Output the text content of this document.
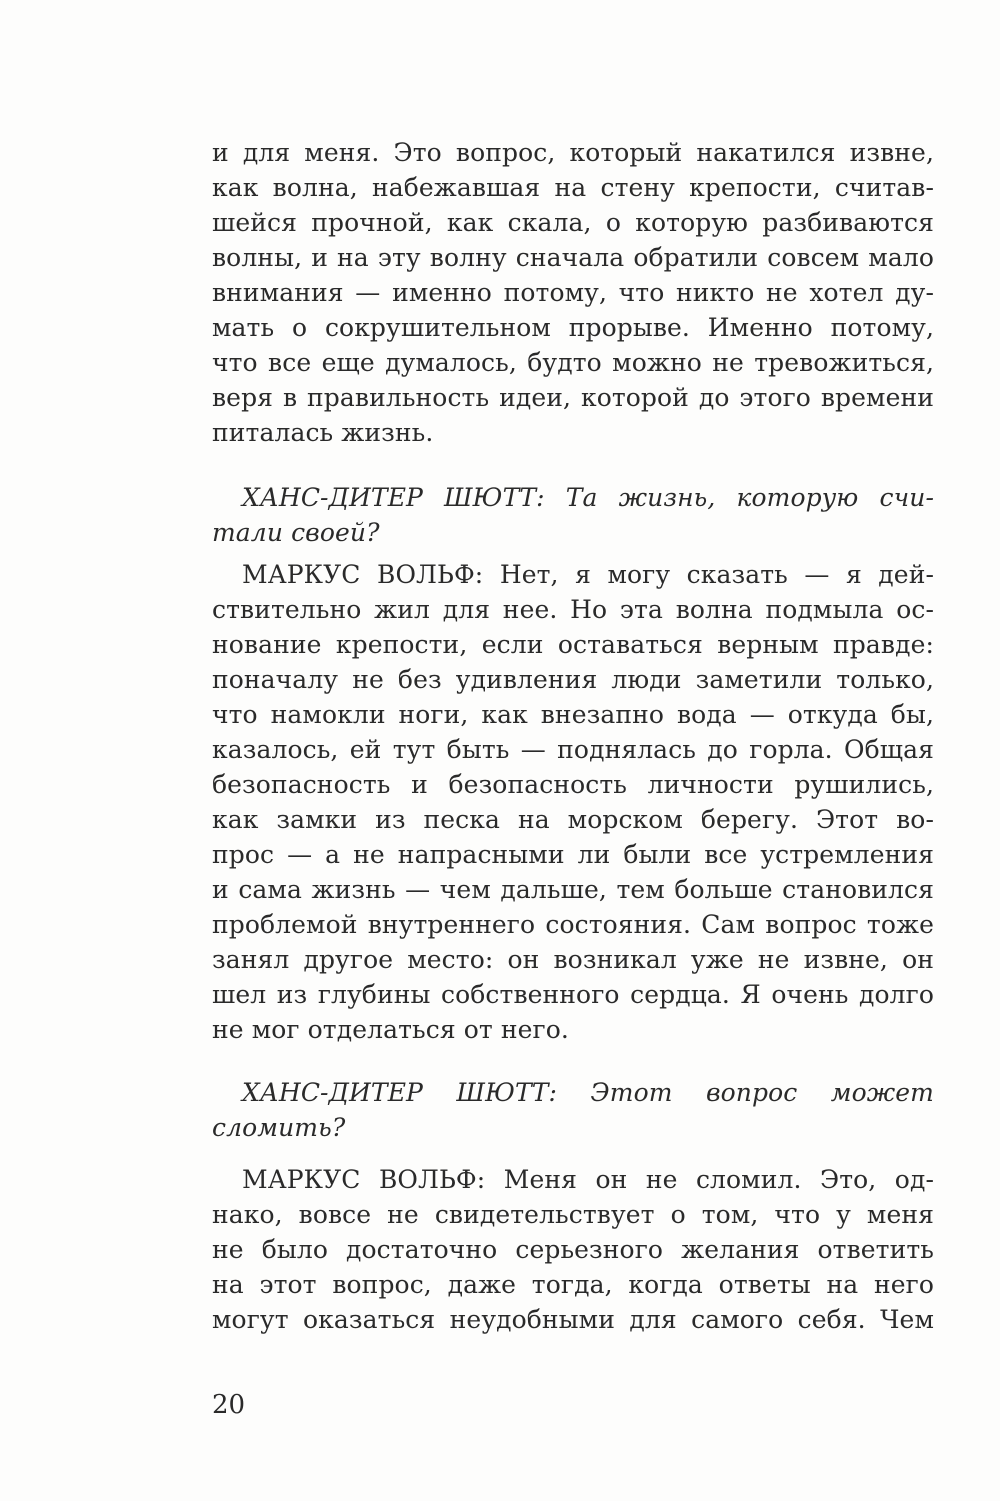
и для меня. Это вопрос, который накатился извне,
как волна, набежавшая на стену крепости, считав-
шейся прочной, как скала, о которую разбиваются
волны, и на эту волну сначала обратили совсем мало
внимания — именно потому, что никто не хотел ду-
мать о сокрушительном прорыве. Именно потому,
что все еще думалось, будто можно не тревожиться,
веря в правильность идеи, которой до этого времени
питалась жизнь.
ХАНС-ДИТЕР ШЮТТ: Та жизнь, которую счи-
тали своей?
МАРКУС ВОЛЬФ: Нет, я могу сказать — я дей-
ствительно жил для нее. Но эта волна подмыла ос-
нование крепости, если оставаться верным правде:
поначалу не без удивления люди заметили только,
что намокли ноги, как внезапно вода — откуда бы,
казалось, ей тут быть — поднялась до горла. Общая
безопасность и безопасность личности рушились,
как замки из песка на морском берегу. Этот во-
прос — а не напрасными ли были все устремления
и сама жизнь — чем дальше, тем больше становился
проблемой внутреннего состояния. Сам вопрос тоже
занял другое место: он возникал уже не извне, он
шел из глубины собственного сердца. Я очень долго
не мог отделаться от него.
ХАНС-ДИТЕР ШЮТТ: Этот вопрос может
сломить?
МАРКУС ВОЛЬФ: Меня он не сломил. Это, од-
нако, вовсе не свидетельствует о том, что у меня
не было достаточно серьезного желания ответить
на этот вопрос, даже тогда, когда ответы на него
могут оказаться неудобными для самого себя. Чем
20
